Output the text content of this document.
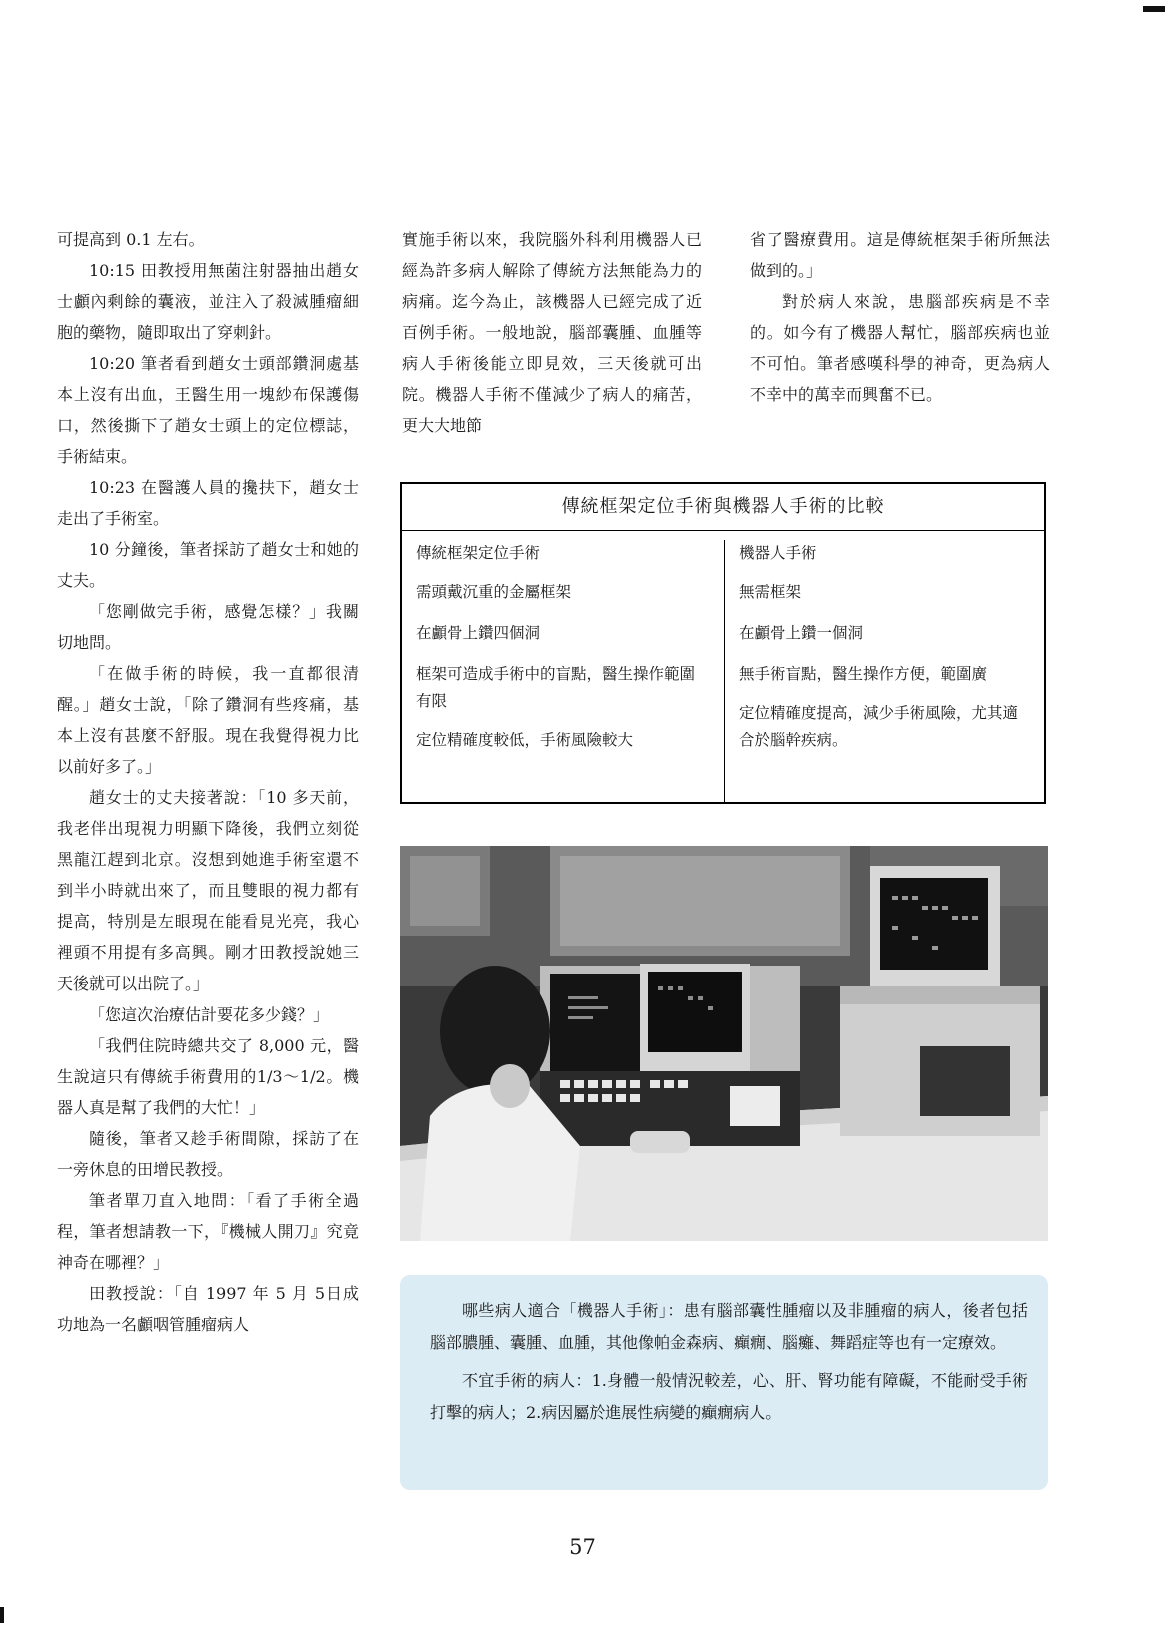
可提高到 0.1 左右。

10:15 田教授用無菌注射器抽出趙女士顱內剩餘的囊液，並注入了殺滅腫瘤細胞的藥物，隨即取出了穿刺針。

10:20 筆者看到趙女士頭部鑽洞處基本上沒有出血，王醫生用一塊紗布保護傷口，然後撕下了趙女士頭上的定位標誌，手術結束。

10:23 在醫護人員的攙扶下，趙女士走出了手術室。

10 分鐘後，筆者採訪了趙女士和她的丈夫。

「您剛做完手術，感覺怎樣？」我關切地問。

「在做手術的時候，我一直都很清醒。」趙女士說，「除了鑽洞有些疼痛，基本上沒有甚麼不舒服。現在我覺得視力比以前好多了。」

趙女士的丈夫接著說：「10 多天前，我老伴出現視力明顯下降後，我們立刻從黑龍江趕到北京。沒想到她進手術室還不到半小時就出來了，而且雙眼的視力都有提高，特別是左眼現在能看見光亮，我心裡頭不用提有多高興。剛才田教授說她三天後就可以出院了。」

「您這次治療估計要花多少錢？」

「我們住院時總共交了 8,000 元，醫生說這只有傳統手術費用的1/3～1/2。機器人真是幫了我們的大忙！」

隨後，筆者又趁手術間隙，採訪了在一旁休息的田增民教授。

筆者單刀直入地問：「看了手術全過程，筆者想請教一下，『機械人開刀』究竟神奇在哪裡？」

田教授說：「自 1997 年 5 月 5日成功地為一名顱咽管腫瘤病人

實施手術以來，我院腦外科利用機器人已經為許多病人解除了傳統方法無能為力的病痛。迄今為止，該機器人已經完成了近百例手術。一般地說，腦部囊腫、血腫等病人手術後能立即見效，三天後就可出院。機器人手術不僅減少了病人的痛苦，更大大地節

省了醫療費用。這是傳統框架手術所無法做到的。」

對於病人來說，患腦部疾病是不幸的。如今有了機器人幫忙，腦部疾病也並不可怕。筆者感嘆科學的神奇，更為病人不幸中的萬幸而興奮不已。

傳統框架定位手術與機器人手術的比較
傳統框架定位手術
需頭戴沉重的金屬框架
在顱骨上鑽四個洞
框架可造成手術中的盲點，醫生操作範圍有限
定位精確度較低，手術風險較大
機器人手術
無需框架
在顱骨上鑽一個洞
無手術盲點，醫生操作方便，範圍廣
定位精確度提高，減少手術風險，尤其適合於腦幹疾病。

哪些病人適合「機器人手術」：患有腦部囊性腫瘤以及非腫瘤的病人，後者包括腦部膿腫、囊腫、血腫，其他像帕金森病、癲癇、腦癱、舞蹈症等也有一定療效。

不宜手術的病人：1.身體一般情況較差，心、肝、腎功能有障礙，不能耐受手術打擊的病人；2.病因屬於進展性病變的癲癇病人。

57
